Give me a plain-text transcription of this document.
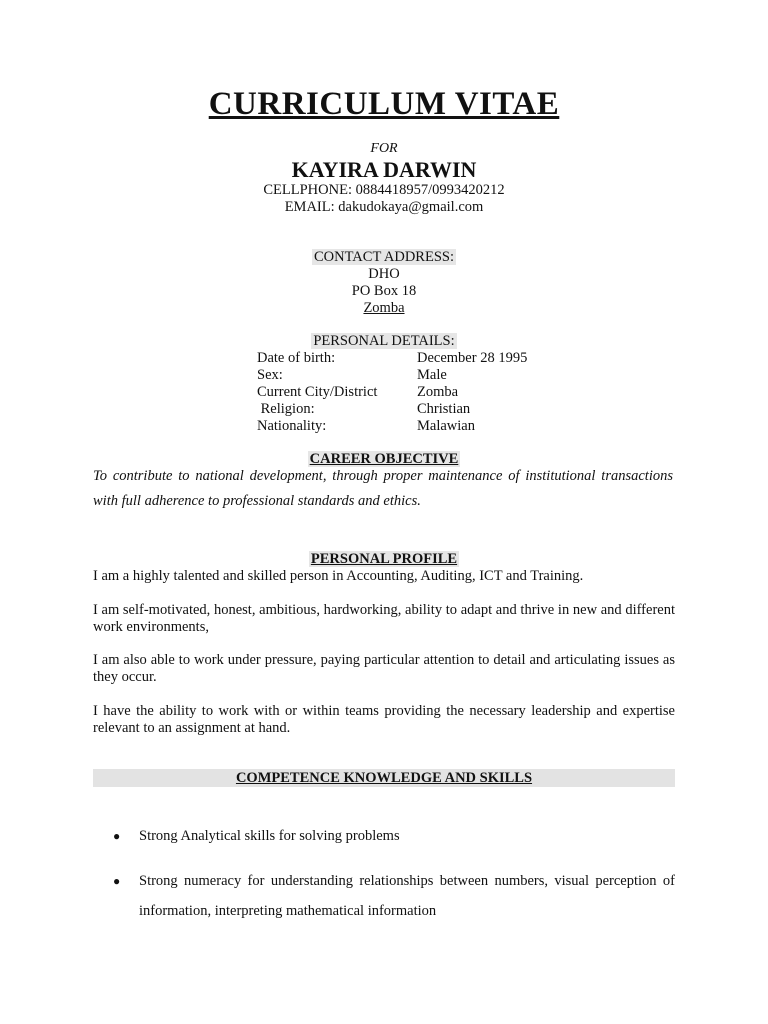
CURRICULUM VITAE
FOR
KAYIRA DARWIN
CELLPHONE: 0884418957/0993420212
EMAIL: dakudokaya@gmail.com
CONTACT ADDRESS:
DHO
PO Box 18
Zomba
PERSONAL DETAILS:
Date of birth:	December 28 1995
Sex:	Male
Current City/District	Zomba
Religion:	Christian
Nationality:	Malawian
CAREER OBJECTIVE
To contribute to national development, through proper maintenance of institutional transactions with full adherence to professional standards and ethics.
PERSONAL PROFILE
I am a highly talented and skilled person in Accounting, Auditing, ICT and Training.
I am self-motivated, honest, ambitious, hardworking, ability to adapt and thrive in new and different work environments,
I am also able to work under pressure, paying particular attention to detail and articulating issues as they occur.
I have the ability to work with or within teams providing the necessary leadership and expertise relevant to an assignment at hand.
COMPETENCE KNOWLEDGE AND SKILLS
●	Strong Analytical skills for solving problems
●	Strong numeracy for understanding relationships between numbers, visual perception of information, interpreting mathematical information
